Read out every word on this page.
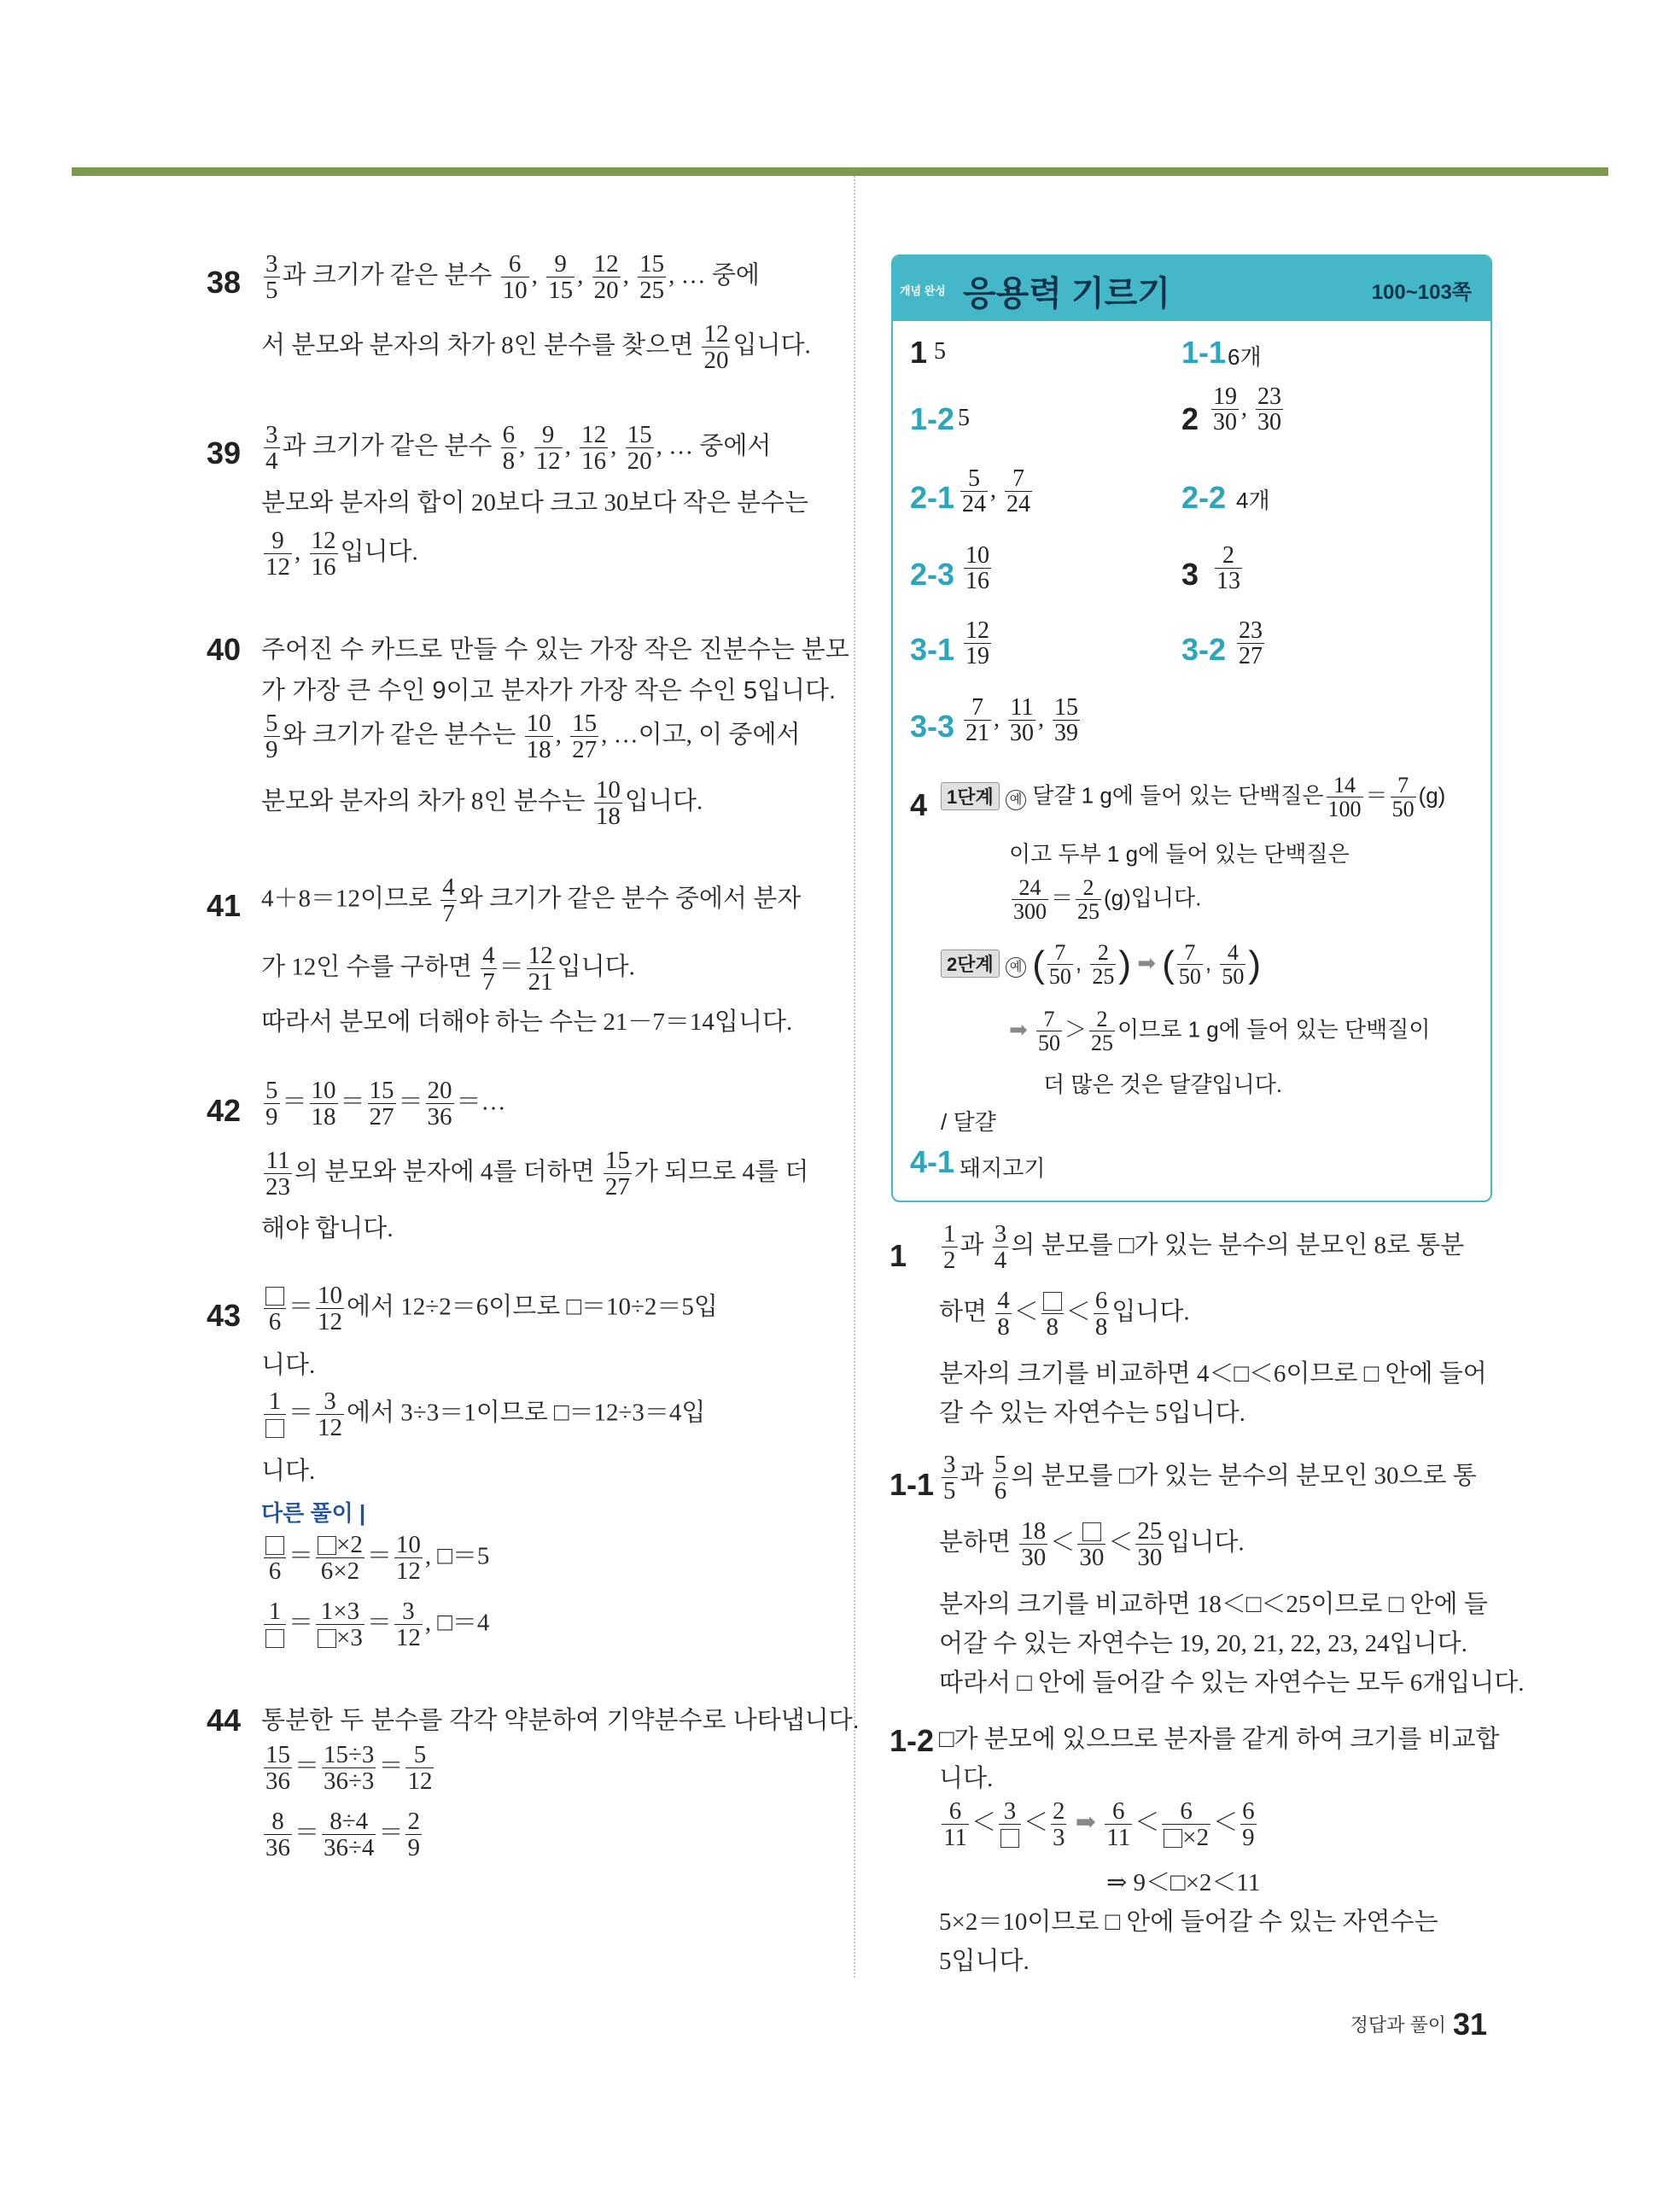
$38 \frac{3}{5}$ 과 크기가 같은 분수 $\frac{6}{10}$ , $\frac{9}{15}$ , $\frac{12}{20}$ , $\frac{15}{25}$ , … 중에
서 분모와 분자의 차가 8인 분수를 찾으면 $\frac{12}{20}$ 입니다.
$39 \frac{3}{4}$ 과 크기가 같은 분수 $\frac{6}{8}$ , $\frac{9}{12}$ , $\frac{12}{16}$ , $\frac{15}{20}$ , … 중에서
분모와 분자의 합이 20보다 크고 30보다 작은 분수는
$\frac{9}{12}$ , $\frac{12}{16}$ 입니다.
40 주어진 수 카드로 만들 수 있는 가장 작은 진분수는 분모
가 가장 큰 수인 9이고 분자가 가장 작은 수인 5입니다.
$\frac{5}{9}$ 와 크기가 같은 분수는 $\frac{10}{18}$ , $\frac{15}{27}$ , …이고, 이 중에서
분모와 분자의 차가 8인 분수는 $\frac{10}{18}$ 입니다.
41 4＋8＝12이므로 $\frac{4}{7}$ 와 크기가 같은 분수 중에서 분자
가 12인 수를 구하면 $\frac{4}{7} = \frac{12}{21}$ 입니다.
따라서 분모에 더해야 하는 수는 21－7＝14입니다.
$42 \frac{5}{9} = \frac{10}{18} = \frac{15}{27} = \frac{20}{36}$ ＝…
$\frac{11}{23}$ 의 분모와 분자에 4를 더하면 $\frac{15}{27}$ 가 되므로 4를 더
해야 합니다.
43 6
＝ $\frac{10}{12}$ 에서 12÷2＝6이므로 □＝10÷2＝5입
니다.
$1 = \frac{3}{12}$ 에서 3÷3＝1이므로 □＝12÷3＝4입
니다.
다른 풀이 |
6
＝ $\frac{\times 2}{6\times 2} = \frac{10}{12}$ , □＝5
$1 = \frac{1\times 3}{\times 3} = \frac{3}{12}$ , □＝4
44 통분한 두 분수를 각각 약분하여 기약분수로 나타냅니다.
$\frac{15}{36} = \frac{15\div 3}{36\div 3} = \frac{5}{12}$
$\frac{8}{36} = \frac{8\div 4}{36\div 4} = \frac{2}{9}$
개념 완성 응용력 기르기	100~103쪽
1 5	1-1 6개
1-2 5	$2 \frac{19}{30}$ , $\frac{23}{30}$
$2-1 \frac{5}{24}$ , $\frac{7}{24}$	2-2 4개
$2-3 \frac{10}{16}$	$3 \frac{2}{13}$
$3-1 \frac{12}{19}$	$3-2 \frac{23}{27}$
$3-3 \frac{7}{21}$ , $\frac{11}{30}$ , $\frac{15}{39}$
4	1단계 예 달걀 1 g에 들어 있는 단백질은 $\frac{14}{100} = \frac{7}{50} (g)$
이고 두부 1 g에 들어 있는 단백질은
$\frac{24}{300} = \frac{2}{25} (g)$입니다.
2단계 예 ( $\frac{7}{50}$ , $\frac{2}{25}$ ) ➡ ( $\frac{7}{50}$ , $\frac{4}{50}$ )
➡ $\frac{7}{50} > \frac{2}{25}$ 이므로 1 g에 들어 있는 단백질이
더 많은 것은 달걀입니다.
/ 달걀
4-1 돼지고기
$1 \frac{1}{2}$ 과 $\frac{3}{4}$ 의 분모를 □가 있는 분수의 분모인 8로 통분
하면 $\frac{4}{8}$ ＜
8
＜ $\frac{6}{8}$ 입니다.
분자의 크기를 비교하면 4＜□＜6이므로 □ 안에 들어
갈 수 있는 자연수는 5입니다.
$1-1 \frac{3}{5}$ 과 $\frac{5}{6}$ 의 분모를 □가 있는 분수의 분모인 30으로 통
분하면 $\frac{18}{30}$ ＜
30
＜ $\frac{25}{30}$ 입니다.
분자의 크기를 비교하면 18＜□＜25이므로 □ 안에 들
어갈 수 있는 자연수는 19, 20, 21, 22, 23, 24입니다.
따라서 □ 안에 들어갈 수 있는 자연수는 모두 6개입니다.
1-2 □가 분모에 있으므로 분자를 같게 하여 크기를 비교합
니다.
$\frac{6}{11} < 3 < \frac{2}{3}$ ➡ $\frac{6}{11} < \frac{6}{\times 2} < \frac{6}{9}$
⇒ 9＜□×2＜11
5×2＝10이므로 □ 안에 들어갈 수 있는 자연수는
5입니다.
정답과 풀이 31
